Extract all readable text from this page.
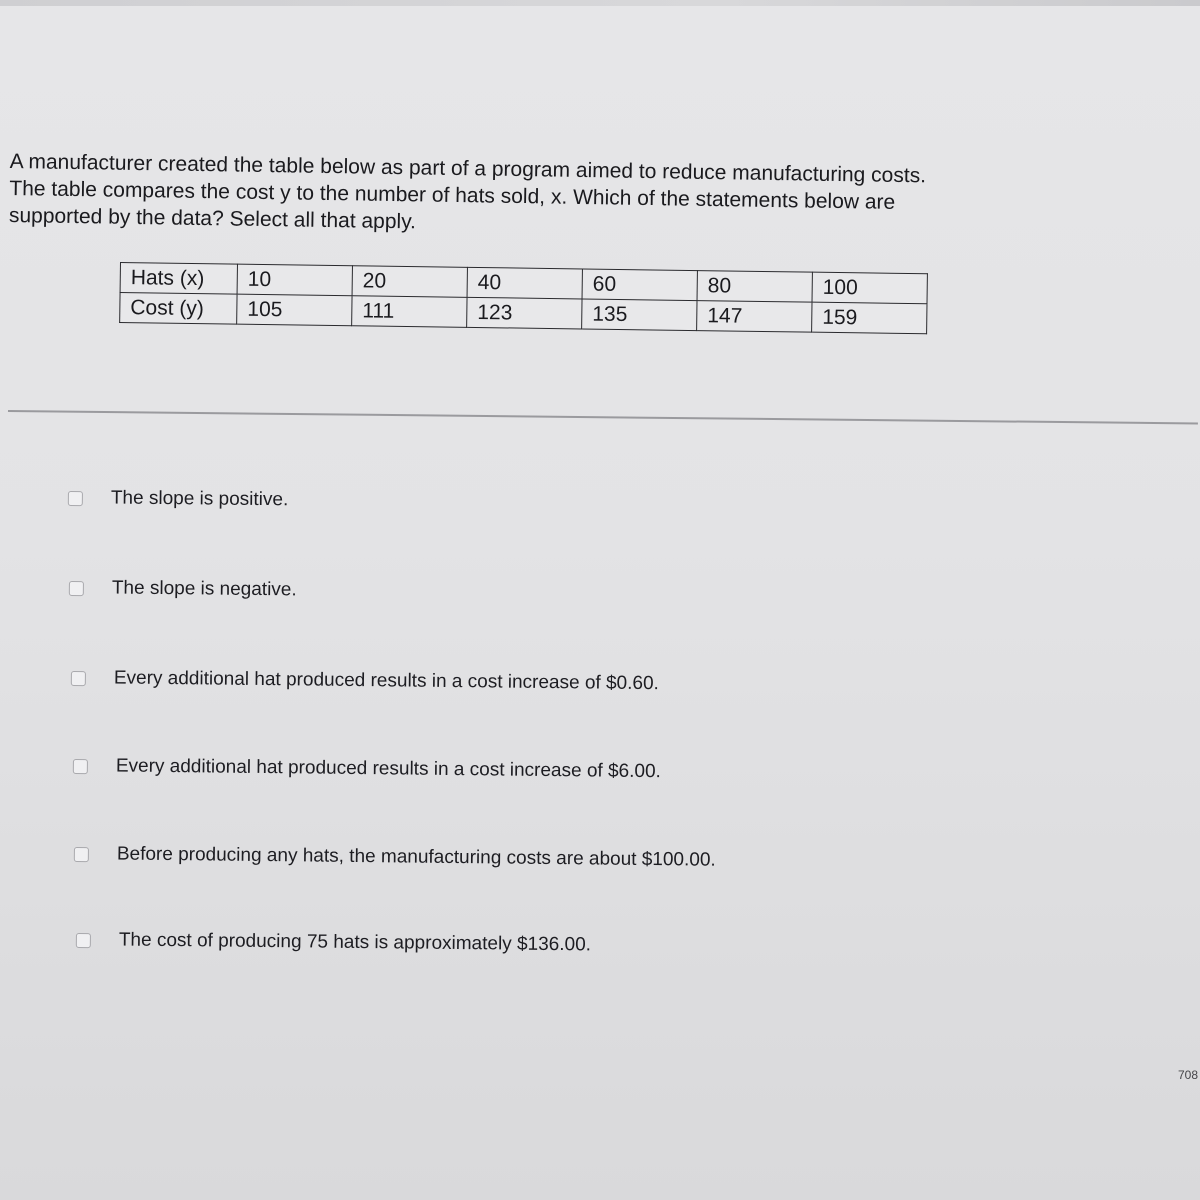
A manufacturer created the table below as part of a program aimed to reduce manufacturing costs.
The table compares the cost y to the number of hats sold, x. Which of the statements below are
supported by the data? Select all that apply.

Hats (x)	10	20	40	60	80	100
Cost (y)	105	111	123	135	147	159
The slope is positive.
The slope is negative.
Every additional hat produced results in a cost increase of $0.60.
Every additional hat produced results in a cost increase of $6.00.
Before producing any hats, the manufacturing costs are about $100.00.
The cost of producing 75 hats is approximately $136.00.
708
